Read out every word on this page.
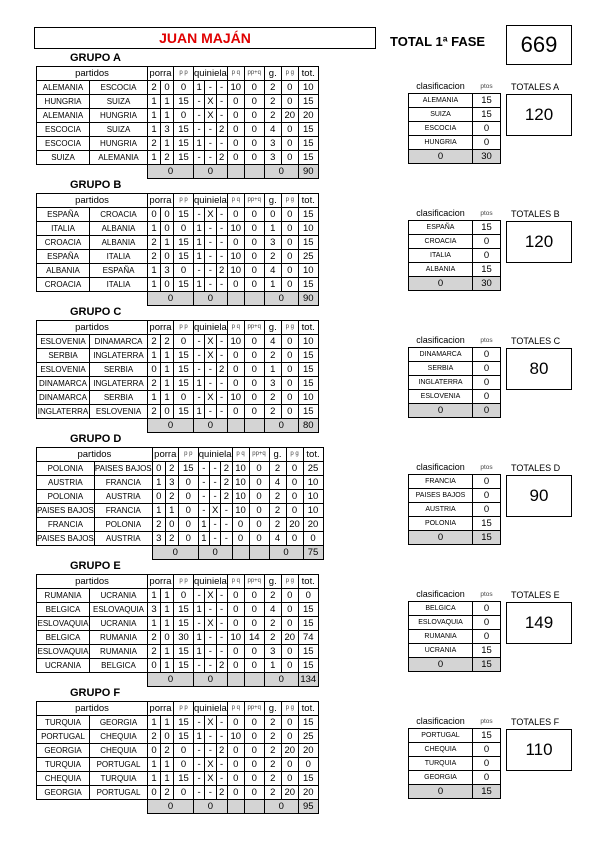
JUAN MAJÁN	TOTAL 1ª FASE	669
GRUPO A
partidos		porra		p p	quiniela			p q	pp+q	g.	p g	tot.
ALEMANIA	ESCOCIA	2	0	0	1	-	-	10	0	2	0	10
HUNGRIA	SUIZA	1	1	15	-	X	-	0	0	2	0	15
ALEMANIA	HUNGRIA	1	1	0	-	X	-	0	0	2	20	20
ESCOCIA	SUIZA	1	3	15	-	-	2	0	0	4	0	15
ESCOCIA	HUNGRIA	2	1	15	1	-	-	0	0	3	0	15
SUIZA	ALEMANIA	1	2	15	-	-	2	0	0	3	0	15
		0			0					0		90
clasificacion	ptos
ALEMANIA	15
SUIZA	15
ESCOCIA	0
HUNGRIA	0
0	30
TOTALES A
120
GRUPO B
partidos		porra		p p	quiniela			p q	pp+q	g.	p g	tot.
ESPAÑA	CROACIA	0	0	15	-	X	-	0	0	0	0	15
ITALIA	ALBANIA	1	0	0	1	-	-	10	0	1	0	10
CROACIA	ALBANIA	2	1	15	1	-	-	0	0	3	0	15
ESPAÑA	ITALIA	2	0	15	1	-	-	10	0	2	0	25
ALBANIA	ESPAÑA	1	3	0	-	-	2	10	0	4	0	10
CROACIA	ITALIA	1	0	15	1	-	-	0	0	1	0	15
		0			0					0		90
clasificacion	ptos
ESPAÑA	15
CROACIA	0
ITALIA	0
ALBANIA	15
0	30
TOTALES B
120
GRUPO C
partidos		porra		p p	quiniela			p q	pp+q	g.	p g	tot.
ESLOVENIA	DINAMARCA	2	2	0	-	X	-	10	0	4	0	10
SERBIA	INGLATERRA	1	1	15	-	X	-	0	0	2	0	15
ESLOVENIA	SERBIA	0	1	15	-	-	2	0	0	1	0	15
DINAMARCA	INGLATERRA	2	1	15	1	-	-	0	0	3	0	15
DINAMARCA	SERBIA	1	1	0	-	X	-	10	0	2	0	10
INGLATERRA	ESLOVENIA	2	0	15	1	-	-	0	0	2	0	15
		0			0					0		80
clasificacion	ptos
DINAMARCA	0
SERBIA	0
INGLATERRA	0
ESLOVENIA	0
0	0
TOTALES C
80
GRUPO D
partidos		porra		p p	quiniela			p q	pp+q	g.	p g	tot.
POLONIA	PAISES BAJOS	0	2	15	-	-	2	10	0	2	0	25
AUSTRIA	FRANCIA	1	3	0	-	-	2	10	0	4	0	10
POLONIA	AUSTRIA	0	2	0	-	-	2	10	0	2	0	10
PAISES BAJOS	FRANCIA	1	1	0	-	X	-	10	0	2	0	10
FRANCIA	POLONIA	2	0	0	1	-	-	0	0	2	20	20
PAISES BAJOS	AUSTRIA	3	2	0	1	-	-	0	0	4	0	0
		0			0					0		75
clasificacion	ptos
FRANCIA	0
PAISES BAJOS	0
AUSTRIA	0
POLONIA	15
0	15
TOTALES D
90
GRUPO E
partidos		porra		p p	quiniela			p q	pp+q	g.	p g	tot.
RUMANIA	UCRANIA	1	1	0	-	X	-	0	0	2	0	0
BELGICA	ESLOVAQUIA	3	1	15	1	-	-	0	0	4	0	15
ESLOVAQUIA	UCRANIA	1	1	15	-	X	-	0	0	2	0	15
BELGICA	RUMANIA	2	0	30	1	-	-	10	14	2	20	74
ESLOVAQUIA	RUMANIA	2	1	15	1	-	-	0	0	3	0	15
UCRANIA	BELGICA	0	1	15	-	-	2	0	0	1	0	15
		0			0					0		134
clasificacion	ptos
BELGICA	0
ESLOVAQUIA	0
RUMANIA	0
UCRANIA	15
0	15
TOTALES E
149
GRUPO F
partidos		porra		p p	quiniela			p q	pp+q	g.	p g	tot.
TURQUIA	GEORGIA	1	1	15	-	X	-	0	0	2	0	15
PORTUGAL	CHEQUIA	2	0	15	1	-	-	10	0	2	0	25
GEORGIA	CHEQUIA	0	2	0	-	-	2	0	0	2	20	20
TURQUIA	PORTUGAL	1	1	0	-	X	-	0	0	2	0	0
CHEQUIA	TURQUIA	1	1	15	-	X	-	0	0	2	0	15
GEORGIA	PORTUGAL	0	2	0	-	-	2	0	0	2	20	20
		0			0					0		95
clasificacion	ptos
PORTUGAL	15
CHEQUIA	0
TURQUIA	0
GEORGIA	0
0	15
TOTALES F
110
